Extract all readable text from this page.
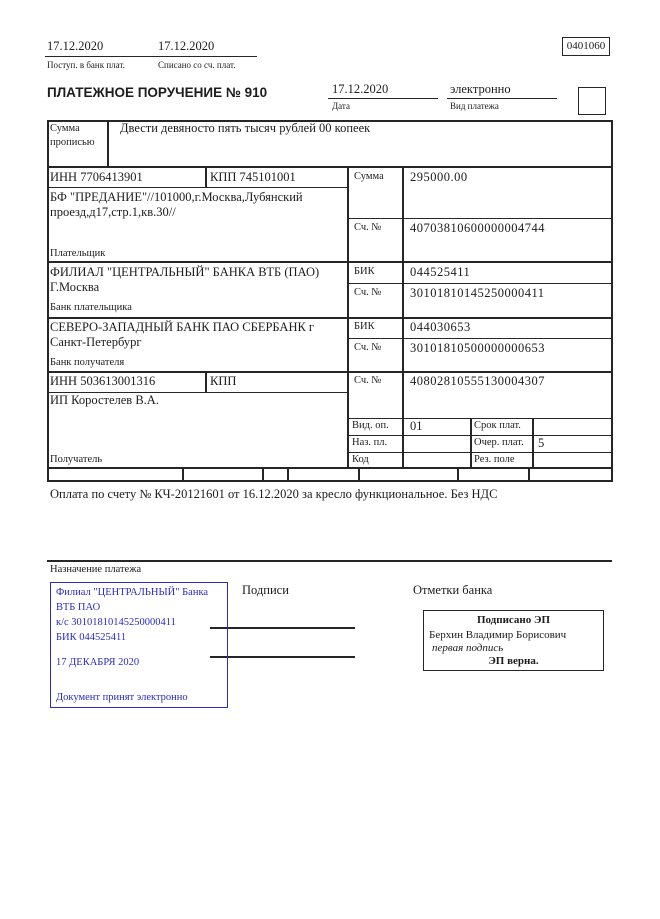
17.12.2020
Поступ. в банк плат.
17.12.2020
Списано со сч. плат.
0401060
ПЛАТЕЖНОЕ ПОРУЧЕНИЕ № 910	17.12.2020
Дата
электронно
Вид платежа
Сумма прописью
Двести девяносто пять тысяч рублей 00 копеек
ИНН 7706413901	КПП 745101001	Сумма 295000.00
БФ "ПРЕДАНИЕ"//101000,г.Москва,Лубянский
проезд,д17,стр.1,кв.30//
Сч. № 40703810600000004744
Плательщик
ФИЛИАЛ "ЦЕНТРАЛЬНЫЙ" БАНКА ВТБ (ПАО)
Г.Москва
БИК	044525411
Сч. № 30101810145250000411
Банк плательщика
СЕВЕРО-ЗАПАДНЫЙ БАНК ПАО СБЕРБАНК г
Санкт-Петербург
БИК	044030653
Сч. № 30101810500000000653
Банк получателя
ИНН 503613001316	КПП	Сч. № 40802810555130004307
ИП Коростелев В.А.
Получатель
Вид. оп. 01	Срок плат.
Наз. пл.	Очер. плат. 5
Код	Рез. поле
Оплата по счету № КЧ-20121601 от 16.12.2020 за кресло функциональное. Без НДС
Назначение платежа
Подписи	Отметки банка
Подписано ЭП
Берхин Владимир Борисович
первая подпись
ЭП верна.
Филиал "ЦЕНТРАЛЬНЫЙ" Банка
ВТБ ПАО
к/с 30101810145250000411
БИК 044525411
17 ДЕКАБРЯ 2020
Документ принят электронно
